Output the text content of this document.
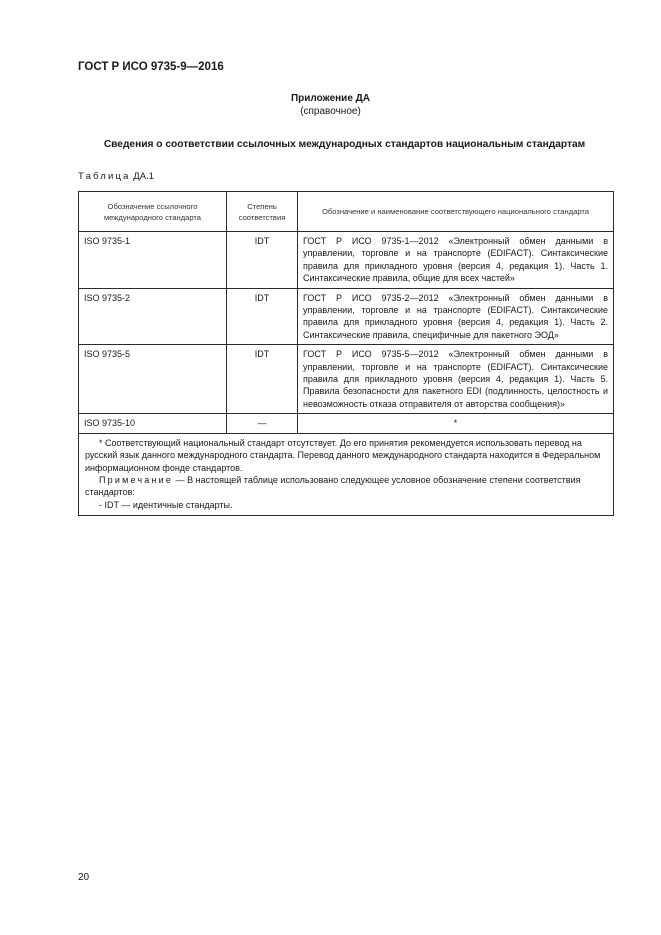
ГОСТ Р ИСО 9735-9—2016
Приложение ДА
(справочное)
Сведения о соответствии ссылочных международных стандартов национальным стандартам
Таблица ДА.1
Обозначение ссылочного международного стандарта	Степень соответствия	Обозначение и наименование соответствующего национального стандарта
ISO 9735-1	IDT	ГОСТ Р ИСО 9735-1—2012 «Электронный обмен данными в управлении, торговле и на транспорте (EDIFACT). Синтаксические правила для прикладного уровня (версия 4, редакция 1). Часть 1. Синтаксические правила, общие для всех частей»
ISO 9735-2	IDT	ГОСТ Р ИСО 9735-2—2012 «Электронный обмен данными в управлении, торговле и на транспорте (EDIFACT). Синтаксические правила для прикладного уровня (версия 4, редакция 1). Часть 2. Синтаксические правила, специфичные для пакетного ЭОД»
ISO 9735-5	IDT	ГОСТ Р ИСО 9735-5—2012 «Электронный обмен данными в управлении, торговле и на транспорте (EDIFACT). Синтаксические правила для прикладного уровня (версия 4, редакция 1). Часть 5. Правила безопасности для пакетного EDI (подлинность, целостность и невозможность отказа отправителя от авторства сообщения)»
ISO 9735-10	—	*

* Соответствующий национальный стандарт отсутствует. До его принятия рекомендуется использовать перевод на русский язык данного международного стандарта. Перевод данного международного стандарта находится в Федеральном информационном фонде стандартов.
Примечание — В настоящей таблице использовано следующее условное обозначение степени соответствия стандартов:
- IDT — идентичные стандарты.		
20
